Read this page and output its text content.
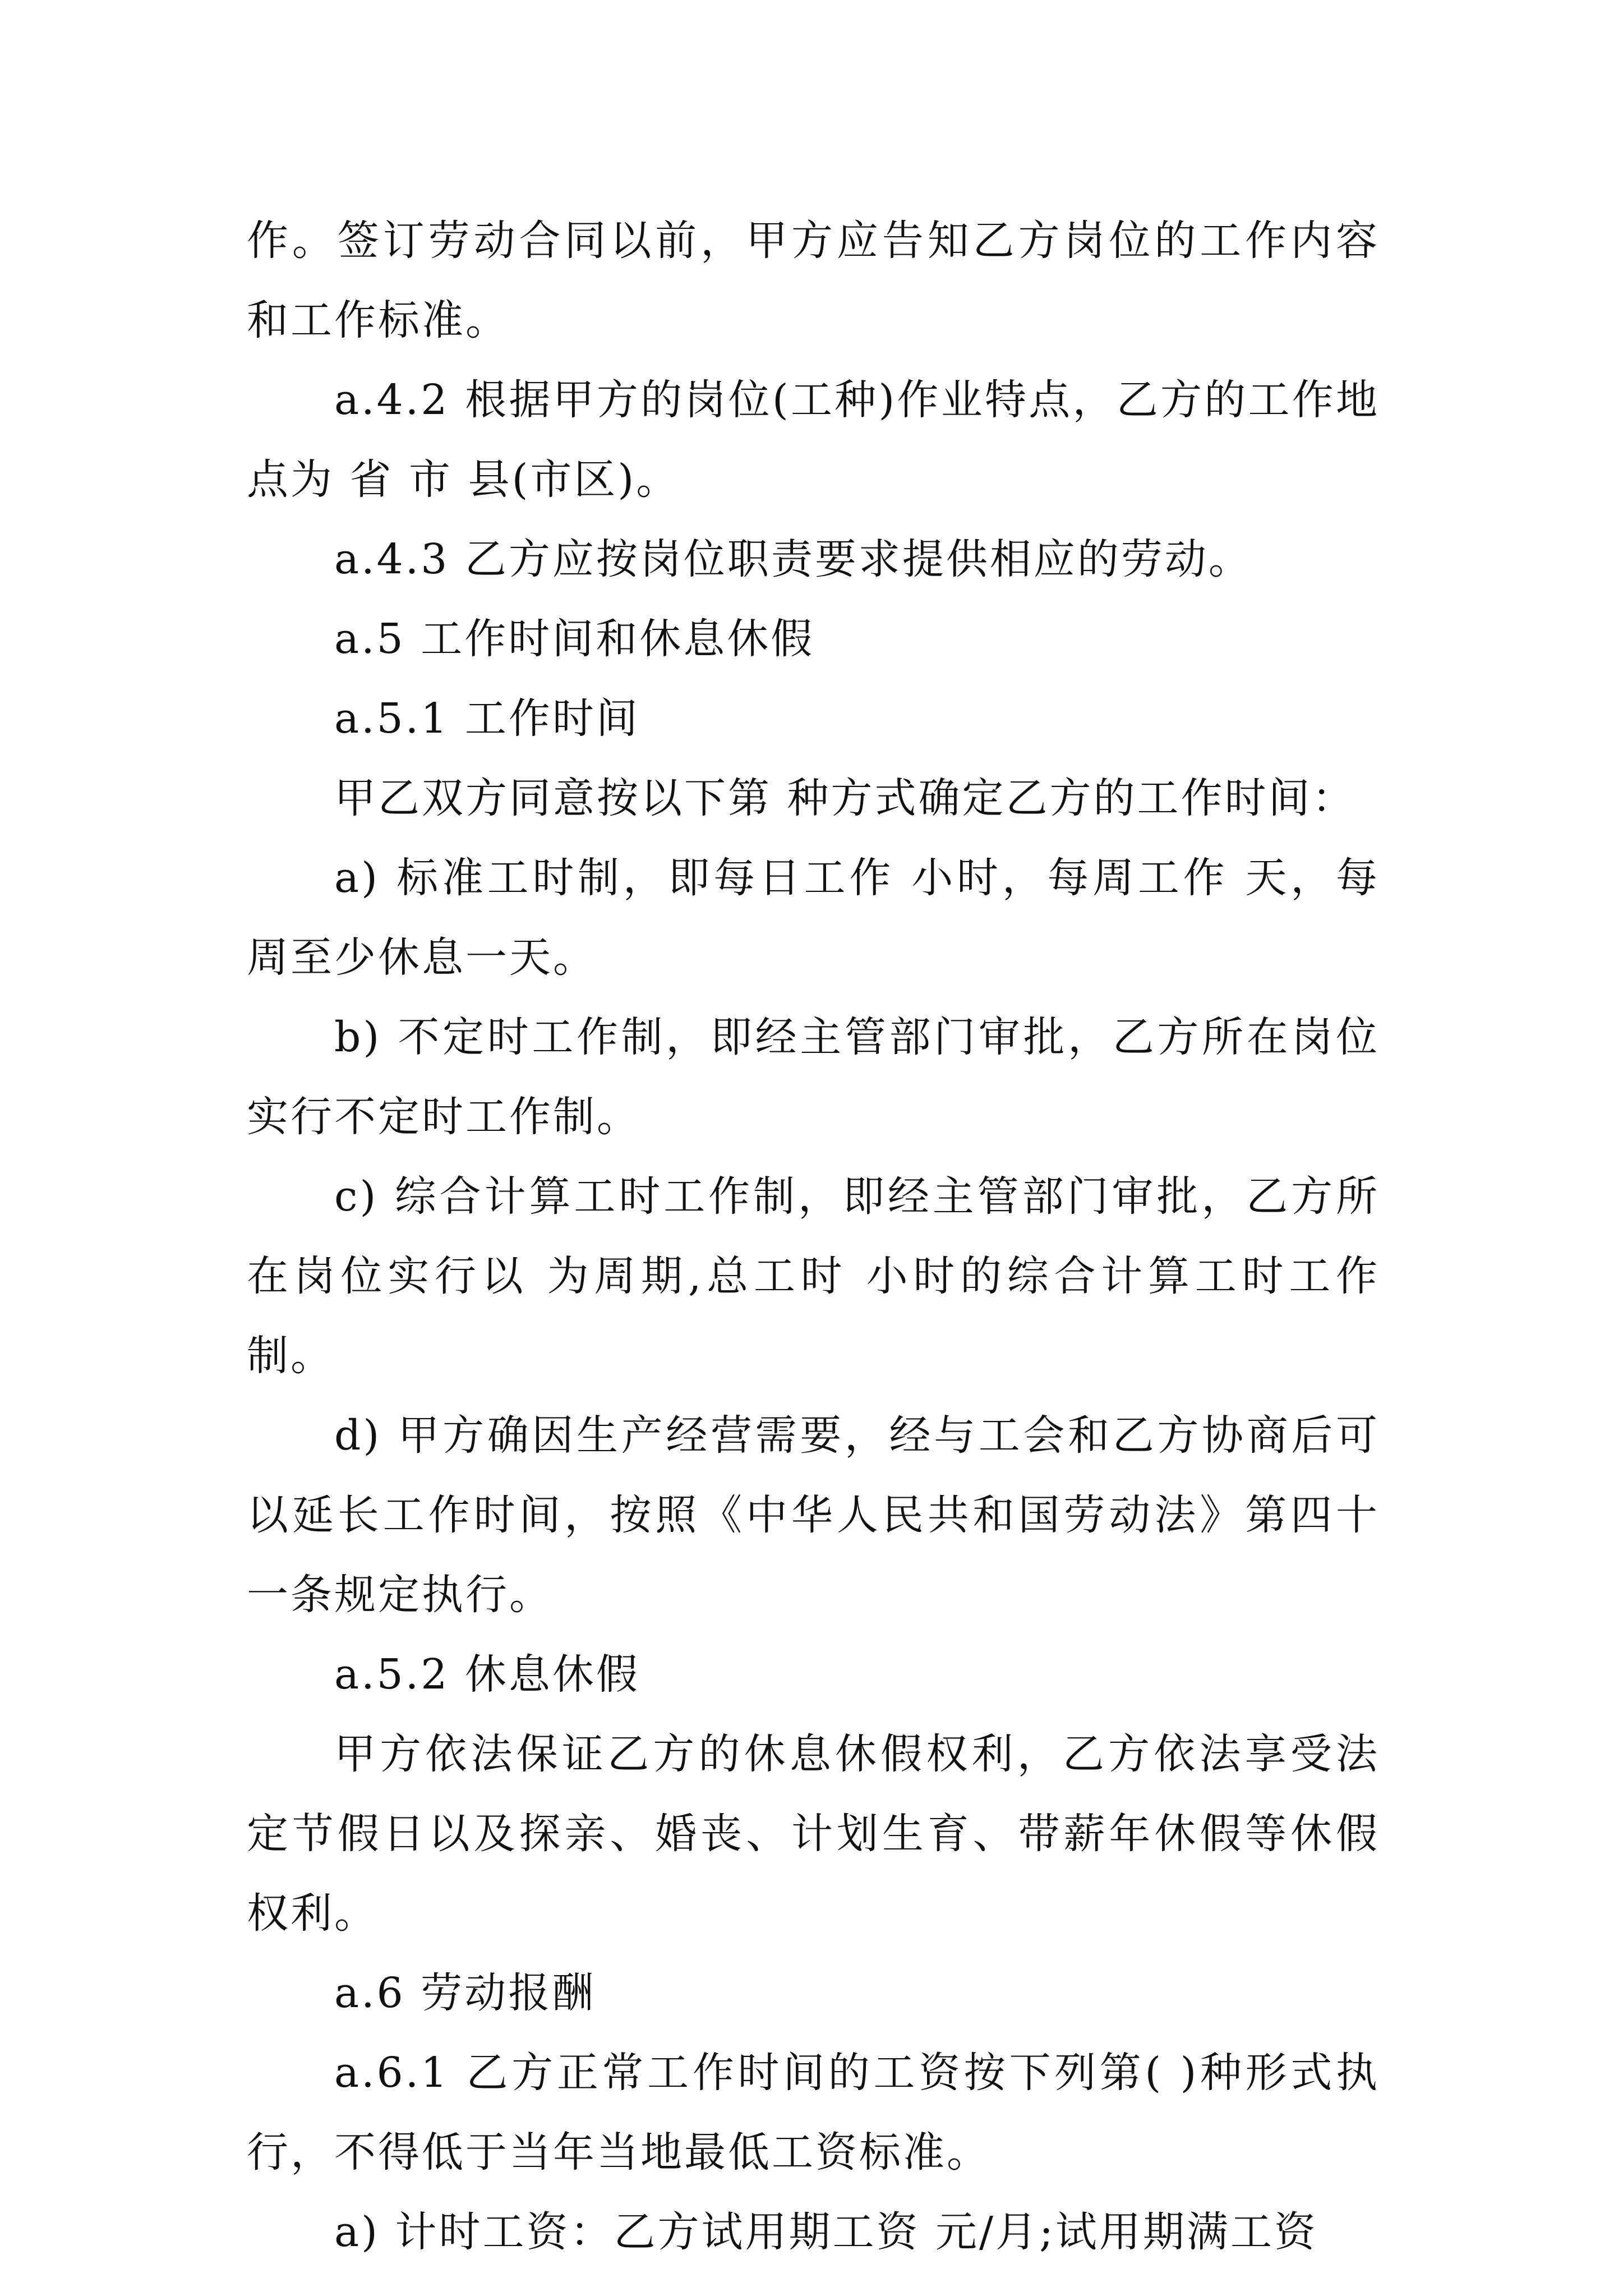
作。签订劳动合同以前，甲方应告知乙方岗位的工作内容和工作标准。

a.4.2 根据甲方的岗位(工种)作业特点，乙方的工作地点为 省 市 县(市区)。

a.4.3 乙方应按岗位职责要求提供相应的劳动。

a.5 工作时间和休息休假

a.5.1 工作时间

甲乙双方同意按以下第 种方式确定乙方的工作时间：

a) 标准工时制，即每日工作 小时，每周工作 天，每周至少休息一天。

b) 不定时工作制，即经主管部门审批，乙方所在岗位实行不定时工作制。

c) 综合计算工时工作制，即经主管部门审批，乙方所在岗位实行以 为周期,总工时 小时的综合计算工时工作制。

d) 甲方确因生产经营需要，经与工会和乙方协商后可以延长工作时间，按照《中华人民共和国劳动法》第四十一条规定执行。

a.5.2 休息休假

甲方依法保证乙方的休息休假权利，乙方依法享受法定节假日以及探亲、婚丧、计划生育、带薪年休假等休假权利。

a.6 劳动报酬

a.6.1 乙方正常工作时间的工资按下列第( )种形式执行，不得低于当年当地最低工资标准。

a) 计时工资：乙方试用期工资 元/月;试用期满工资
